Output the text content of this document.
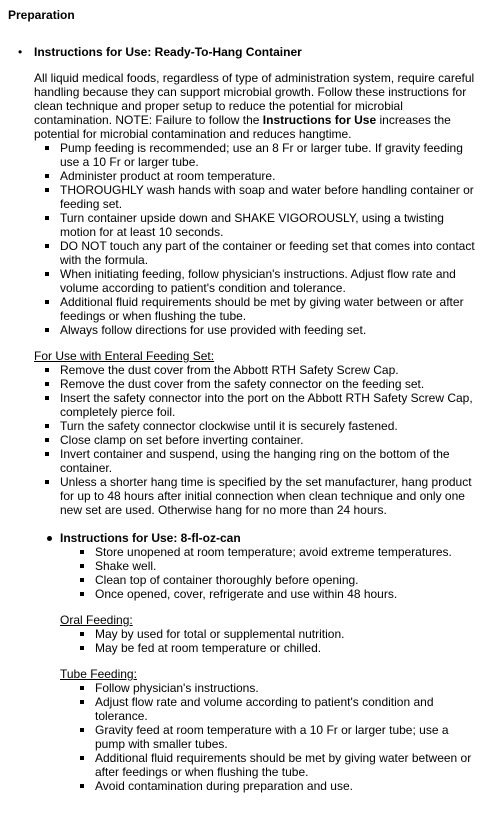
Preparation
• Instructions for Use: Ready-To-Hang Container
All liquid medical foods, regardless of type of administration system, require careful handling because they can support microbial growth. Follow these instructions for clean technique and proper setup to reduce the potential for microbial contamination. NOTE: Failure to follow the Instructions for Use increases the potential for microbial contamination and reduces hangtime.
Pump feeding is recommended; use an 8 Fr or larger tube. If gravity feeding use a 10 Fr or larger tube.
Administer product at room temperature.
THOROUGHLY wash hands with soap and water before handling container or feeding set.
Turn container upside down and SHAKE VIGOROUSLY, using a twisting motion for at least 10 seconds.
DO NOT touch any part of the container or feeding set that comes into contact with the formula.
When initiating feeding, follow physician's instructions. Adjust flow rate and volume according to patient's condition and tolerance.
Additional fluid requirements should be met by giving water between or after feedings or when flushing the tube.
Always follow directions for use provided with feeding set.
For Use with Enteral Feeding Set:
Remove the dust cover from the Abbott RTH Safety Screw Cap.
Remove the dust cover from the safety connector on the feeding set.
Insert the safety connector into the port on the Abbott RTH Safety Screw Cap, completely pierce foil.
Turn the safety connector clockwise until it is securely fastened.
Close clamp on set before inverting container.
Invert container and suspend, using the hanging ring on the bottom of the container.
Unless a shorter hang time is specified by the set manufacturer, hang product for up to 48 hours after initial connection when clean technique and only one new set are used. Otherwise hang for no more than 24 hours.
Instructions for Use: 8-fl-oz-can
Store unopened at room temperature; avoid extreme temperatures.
Shake well.
Clean top of container thoroughly before opening.
Once opened, cover, refrigerate and use within 48 hours.
Oral Feeding:
May by used for total or supplemental nutrition.
May be fed at room temperature or chilled.
Tube Feeding:
Follow physician's instructions.
Adjust flow rate and volume according to patient's condition and tolerance.
Gravity feed at room temperature with a 10 Fr or larger tube; use a pump with smaller tubes.
Additional fluid requirements should be met by giving water between or after feedings or when flushing the tube.
Avoid contamination during preparation and use.
